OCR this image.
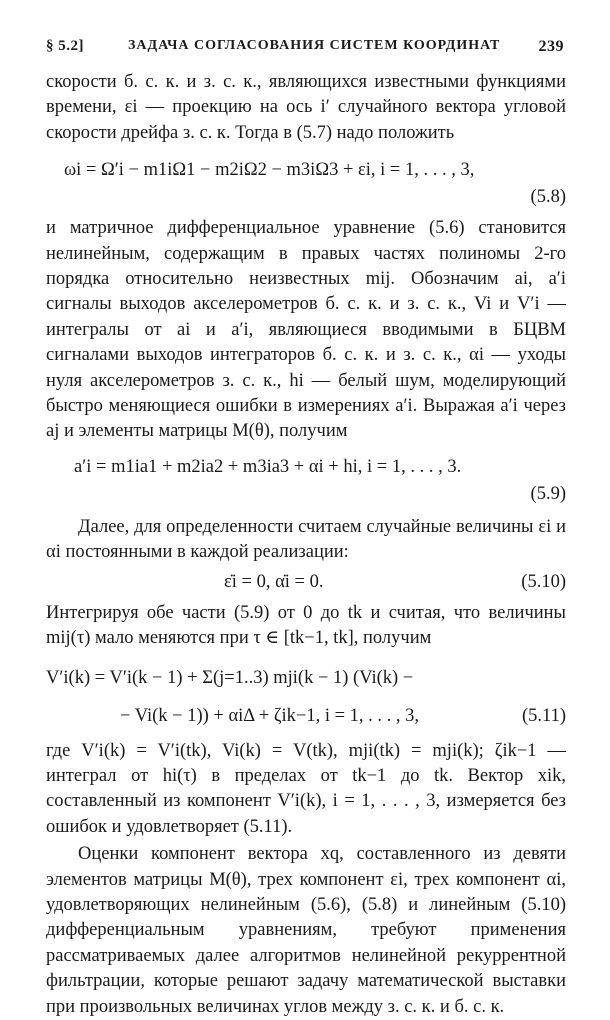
§ 5.2]	ЗАДАЧА СОГЛАСОВАНИЯ СИСТЕМ КООРДИНАТ 239

скорости б. с. к. и з. с. к., являющихся известными функциями времени, εi — проекцию на ось i′ случайного вектора угловой скорости дрейфа з. с. к. Тогда в (5.7) надо положить

ωi = Ω′i − m1iΩ1 − m2iΩ2 − m3iΩ3 + εi, i = 1, . . . , 3,
(5.8)

и матричное дифференциальное уравнение (5.6) становится нелинейным, содержащим в правых частях полиномы 2-го порядка относительно неизвестных mij. Обозначим ai, a′i сигналы выходов акселерометров б. с. к. и з. с. к., Vi и V′i — интегралы от ai и a′i, являющиеся вводимыми в БЦВМ сигналами выходов интеграторов б. с. к. и з. с. к., αi — уходы нуля акселерометров з. с. к., hi — белый шум, моделирующий быстро меняющиеся ошибки в измерениях a′i. Выражая a′i через aj и элементы матрицы M(θ), получим

a′i = m1ia1 + m2ia2 + m3ia3 + αi + hi, i = 1, . . . , 3.
(5.9)

Далее, для определенности считаем случайные величины εi и αi постоянными в каждой реализации:

ε̇i = 0, α̇i = 0.	(5.10)

Интегрируя обе части (5.9) от 0 до tk и считая, что величины mij(τ) мало меняются при τ ∈ [tk−1, tk], получим

V′i(k) = V′i(k − 1) + Σ(j=1..3) mji(k − 1) (Vi(k) −
− Vi(k − 1)) + αiΔ + ζik−1, i = 1, . . . , 3,	(5.11)

где V′i(k) = V′i(tk), Vi(k) = V(tk), mji(tk) = mji(k); ζik−1 — интеграл от hi(τ) в пределах от tk−1 до tk. Вектор xik, составленный из компонент V′i(k), i = 1, . . . , 3, измеряется без ошибок и удовлетворяет (5.11).

Оценки компонент вектора xq, составленного из девяти элементов матрицы M(θ), трех компонент εi, трех компонент αi, удовлетворяющих нелинейным (5.6), (5.8) и линейным (5.10) дифференциальным уравнениям, требуют применения рассматриваемых далее алгоритмов нелинейной рекуррентной фильтрации, которые решают задачу математической выставки при произвольных величинах углов между з. с. к. и б. с. к.
